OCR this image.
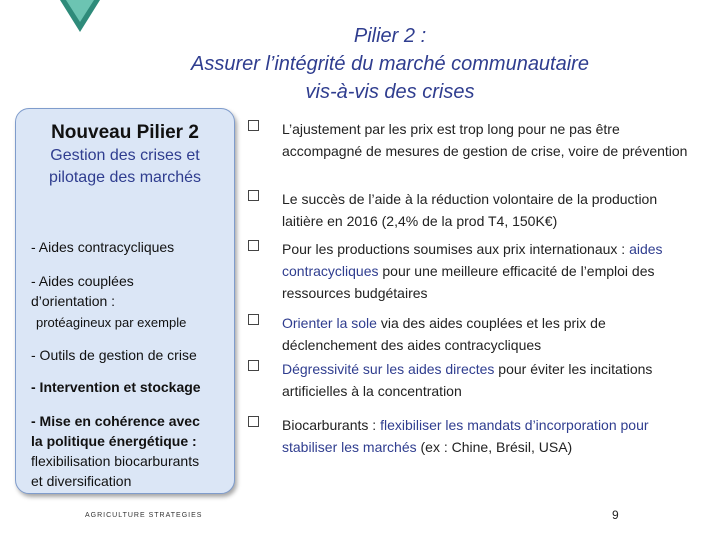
Pilier 2 :
Assurer l’intégrité du marché communautaire
vis-à-vis des crises
Nouveau Pilier 2
Gestion des crises et
pilotage des marchés
- Aides contracycliques
- Aides couplées
d’orientation :
protéagineux par exemple
- Outils de gestion de crise
- Intervention et stockage
- Mise en cohérence avec
la politique énergétique :
flexibilisation biocarburants
et diversification
L’ajustement par les prix est trop long pour ne pas être accompagné de mesures de gestion de crise, voire de prévention
Le succès de l’aide à la réduction volontaire de la production laitière en 2016 (2,4% de la prod T4, 150K€)
Pour les productions soumises aux prix internationaux : aides contracycliques pour une meilleure efficacité de l’emploi des ressources budgétaires
Orienter la sole via des aides couplées et les prix de déclenchement des aides contracycliques
Dégressivité sur les aides directes pour éviter les incitations artificielles à la concentration
Biocarburants : flexibiliser les mandats d’incorporation pour stabiliser les marchés (ex : Chine, Brésil, USA)
AGRICULTURE STRATEGIES	9
